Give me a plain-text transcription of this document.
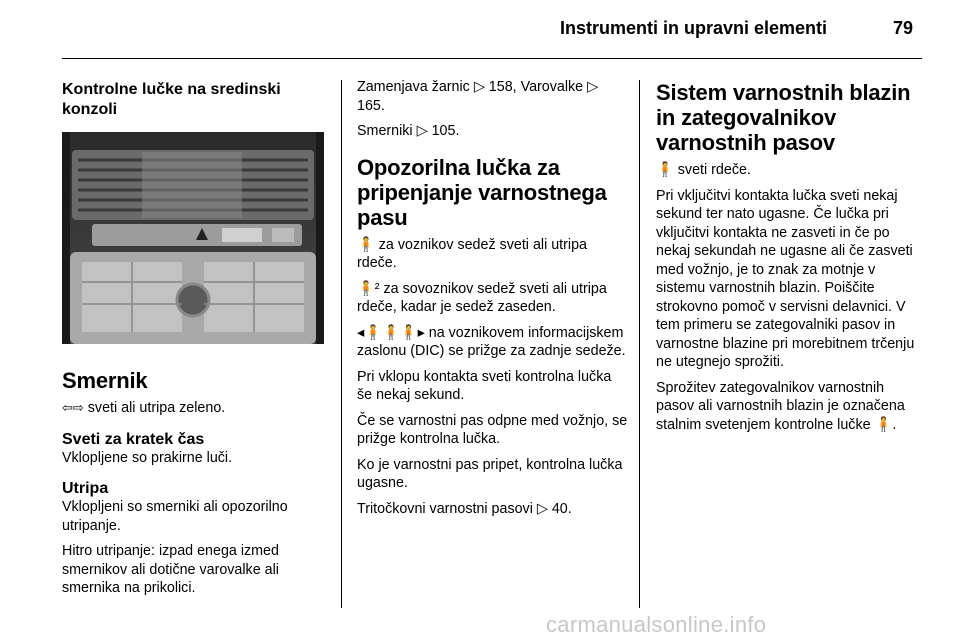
Instrumenti in upravni elementi	79
Kontrolne lučke na sredinski konzoli
Smernik

⇦⇨ sveti ali utripa zeleno.

Sveti za kratek čas

Vklopljene so prakirne luči.

Utripa

Vklopljeni so smerniki ali opozorilno utripanje.

Hitro utripanje: izpad enega izmed smernikov ali dotične varovalke ali smernika na prikolici.

Zamenjava žarnic ▷ 158, Varovalke ▷ 165.

Smerniki ▷ 105.

Opozorilna lučka za pripenjanje varnostnega pasu

🧍 za voznikov sedež sveti ali utripa rdeče.

🧍² za sovoznikov sedež sveti ali utripa rdeče, kadar je sedež zaseden.

◂🧍🧍🧍▸ na voznikovem informacijskem zaslonu (DIC) se prižge za zadnje sedeže.

Pri vklopu kontakta sveti kontrolna lučka še nekaj sekund.

Če se varnostni pas odpne med vožnjo, se prižge kontrolna lučka.

Ko je varnostni pas pripet, kontrolna lučka ugasne.

Tritočkovni varnostni pasovi ▷ 40.

Sistem varnostnih blazin in zategovalnikov varnostnih pasov

🧍 sveti rdeče.

Pri vključitvi kontakta lučka sveti nekaj sekund ter nato ugasne. Če lučka pri vključitvi kontakta ne zasveti in če po nekaj sekundah ne ugasne ali če zasveti med vožnjo, je to znak za motnje v sistemu varnostnih blazin. Poiščite strokovno pomoč v servisni delavnici. V tem primeru se zategovalniki pasov in varnostne blazine pri morebitnem trčenju ne utegnejo sprožiti.

Sprožitev zategovalnikov varnostnih pasov ali varnostnih blazin je označena stalnim svetenjem kontrolne lučke 🧍.

carmanualsonline.info
